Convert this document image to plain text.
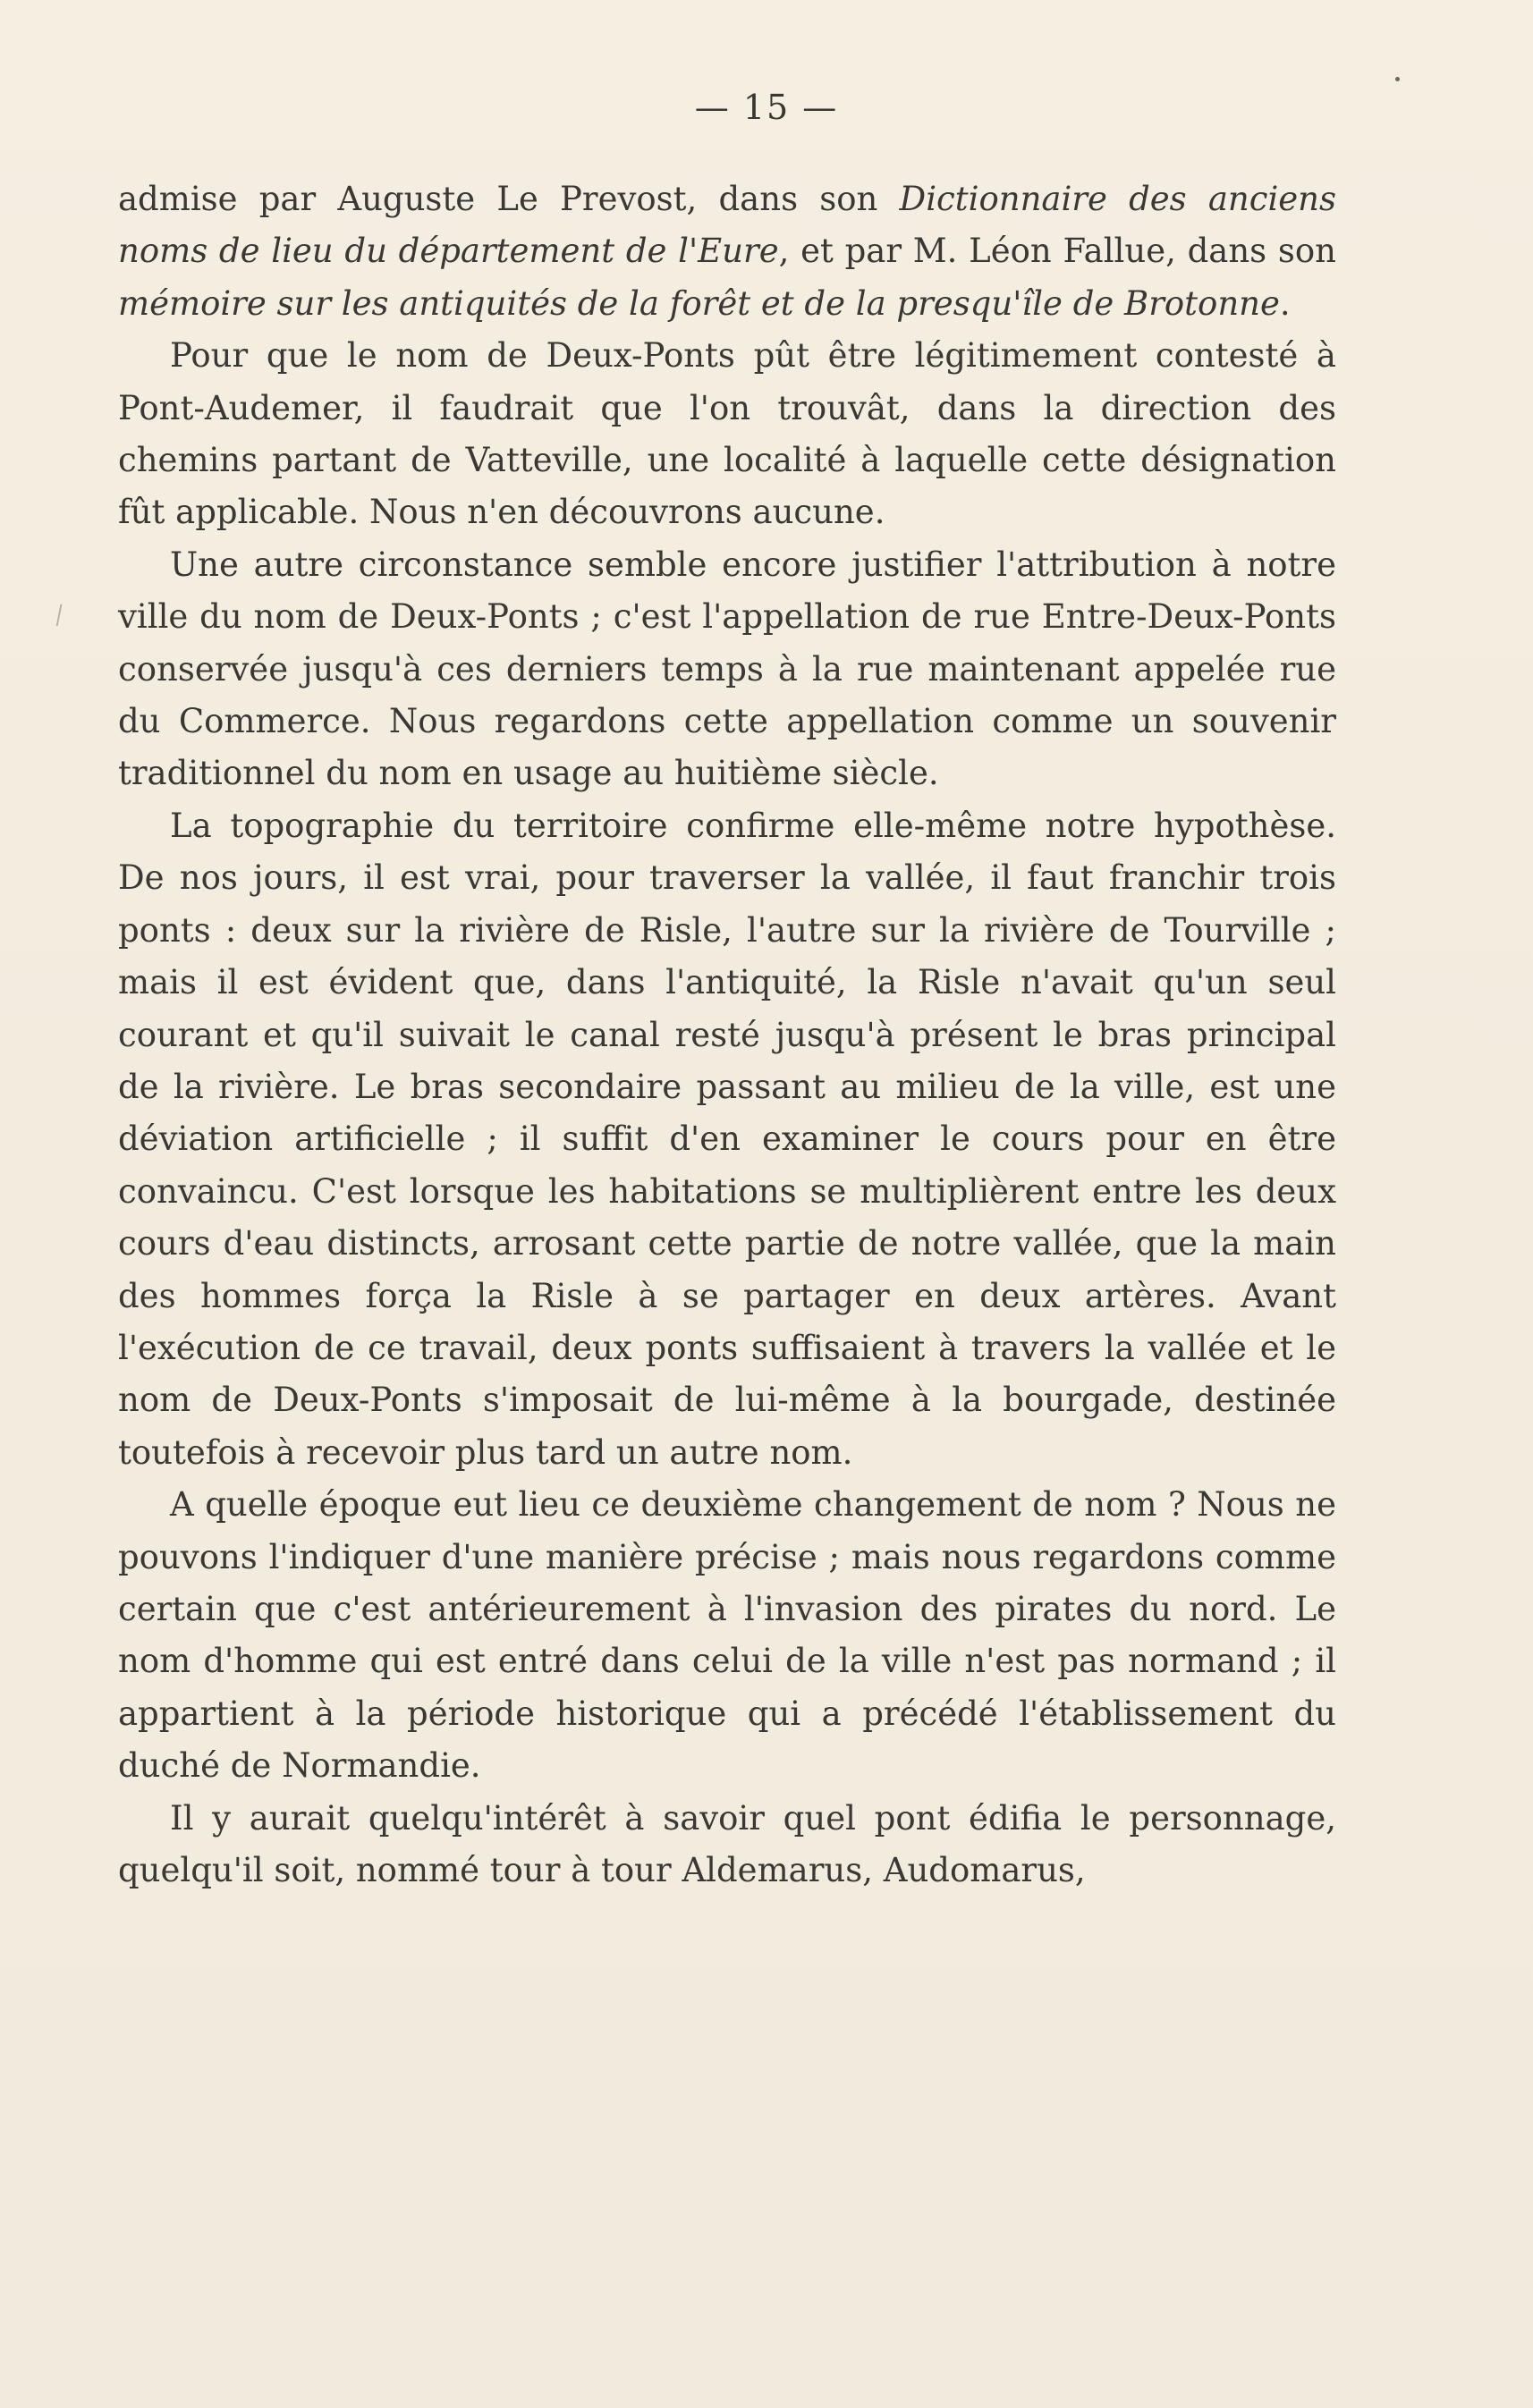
— 15 —
⁄

admise par Auguste Le Prevost, dans son Dictionnaire des anciens noms de lieu du département de l'Eure, et par M. Léon Fallue, dans son mémoire sur les antiquités de la forêt et de la presqu'île de Brotonne.

Pour que le nom de Deux-Ponts pût être légitimement contesté à Pont-Audemer, il faudrait que l'on trouvât, dans la direction des chemins partant de Vatteville, une localité à laquelle cette désignation fût applicable. Nous n'en découvrons aucune.

Une autre circonstance semble encore justifier l'attribution à notre ville du nom de Deux-Ponts ; c'est l'appellation de rue Entre-Deux-Ponts conservée jusqu'à ces derniers temps à la rue maintenant appelée rue du Commerce. Nous regardons cette appellation comme un souvenir traditionnel du nom en usage au huitième siècle.

La topographie du territoire confirme elle-même notre hypothèse. De nos jours, il est vrai, pour traverser la vallée, il faut franchir trois ponts : deux sur la rivière de Risle, l'autre sur la rivière de Tourville ; mais il est évident que, dans l'antiquité, la Risle n'avait qu'un seul courant et qu'il suivait le canal resté jusqu'à présent le bras principal de la rivière. Le bras secondaire passant au milieu de la ville, est une déviation artificielle ; il suffit d'en examiner le cours pour en être convaincu. C'est lorsque les habitations se multiplièrent entre les deux cours d'eau distincts, arrosant cette partie de notre vallée, que la main des hommes força la Risle à se partager en deux artères. Avant l'exécution de ce travail, deux ponts suffisaient à travers la vallée et le nom de Deux-Ponts s'imposait de lui-même à la bourgade, destinée toutefois à recevoir plus tard un autre nom.

A quelle époque eut lieu ce deuxième changement de nom ? Nous ne pouvons l'indiquer d'une manière précise ; mais nous regardons comme certain que c'est antérieurement à l'invasion des pirates du nord. Le nom d'homme qui est entré dans celui de la ville n'est pas normand ; il appartient à la période historique qui a précédé l'établissement du duché de Normandie.

Il y aurait quelqu'intérêt à savoir quel pont édifia le personnage, quelqu'il soit, nommé tour à tour Aldemarus, Audomarus,
